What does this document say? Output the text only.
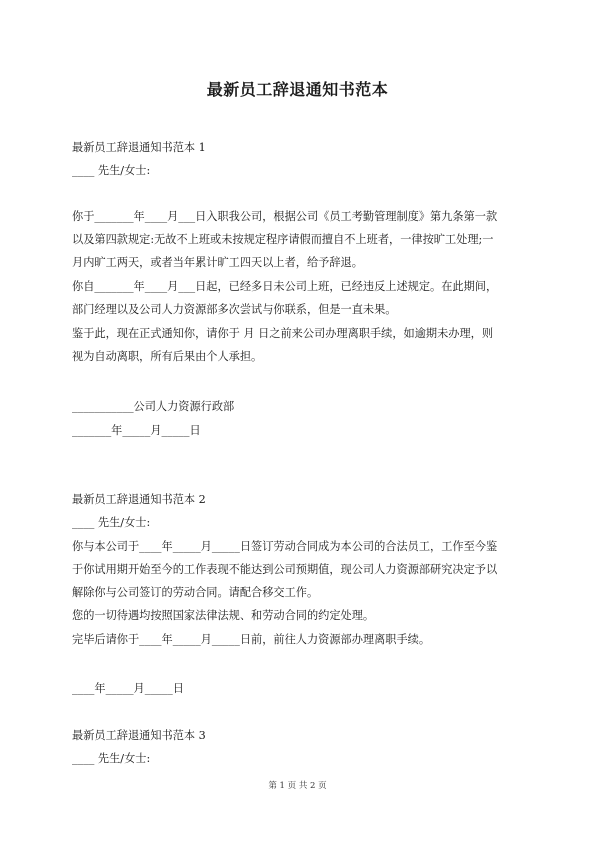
最新员工辞退通知书范本
最新员工辞退通知书范本 1
____ 先生/女士:
你于_______年____月___日入职我公司，根据公司《员工考勤管理制度》第九条第一款
以及第四款规定:无故不上班或未按规定程序请假而擅自不上班者，一律按旷工处理;一
月内旷工两天，或者当年累计旷工四天以上者，给予辞退。
你自_______年____月___日起，已经多日未公司上班，已经违反上述规定。在此期间，
部门经理以及公司人力资源部多次尝试与你联系，但是一直未果。
鉴于此，现在正式通知你，请你于 月 日之前来公司办理离职手续，如逾期未办理，则
视为自动离职，所有后果由个人承担。
___________公司人力资源行政部
_______年_____月_____日
最新员工辞退通知书范本 2
____ 先生/女士:
你与本公司于____年_____月_____日签订劳动合同成为本公司的合法员工，工作至今鉴
于你试用期开始至今的工作表现不能达到公司预期值，现公司人力资源部研究决定予以
解除你与公司签订的劳动合同。请配合移交工作。
您的一切待遇均按照国家法律法规、和劳动合同的约定处理。
完毕后请你于____年_____月_____日前，前往人力资源部办理离职手续。
____年_____月_____日
最新员工辞退通知书范本 3
____ 先生/女士:
第 1 页 共 2 页
